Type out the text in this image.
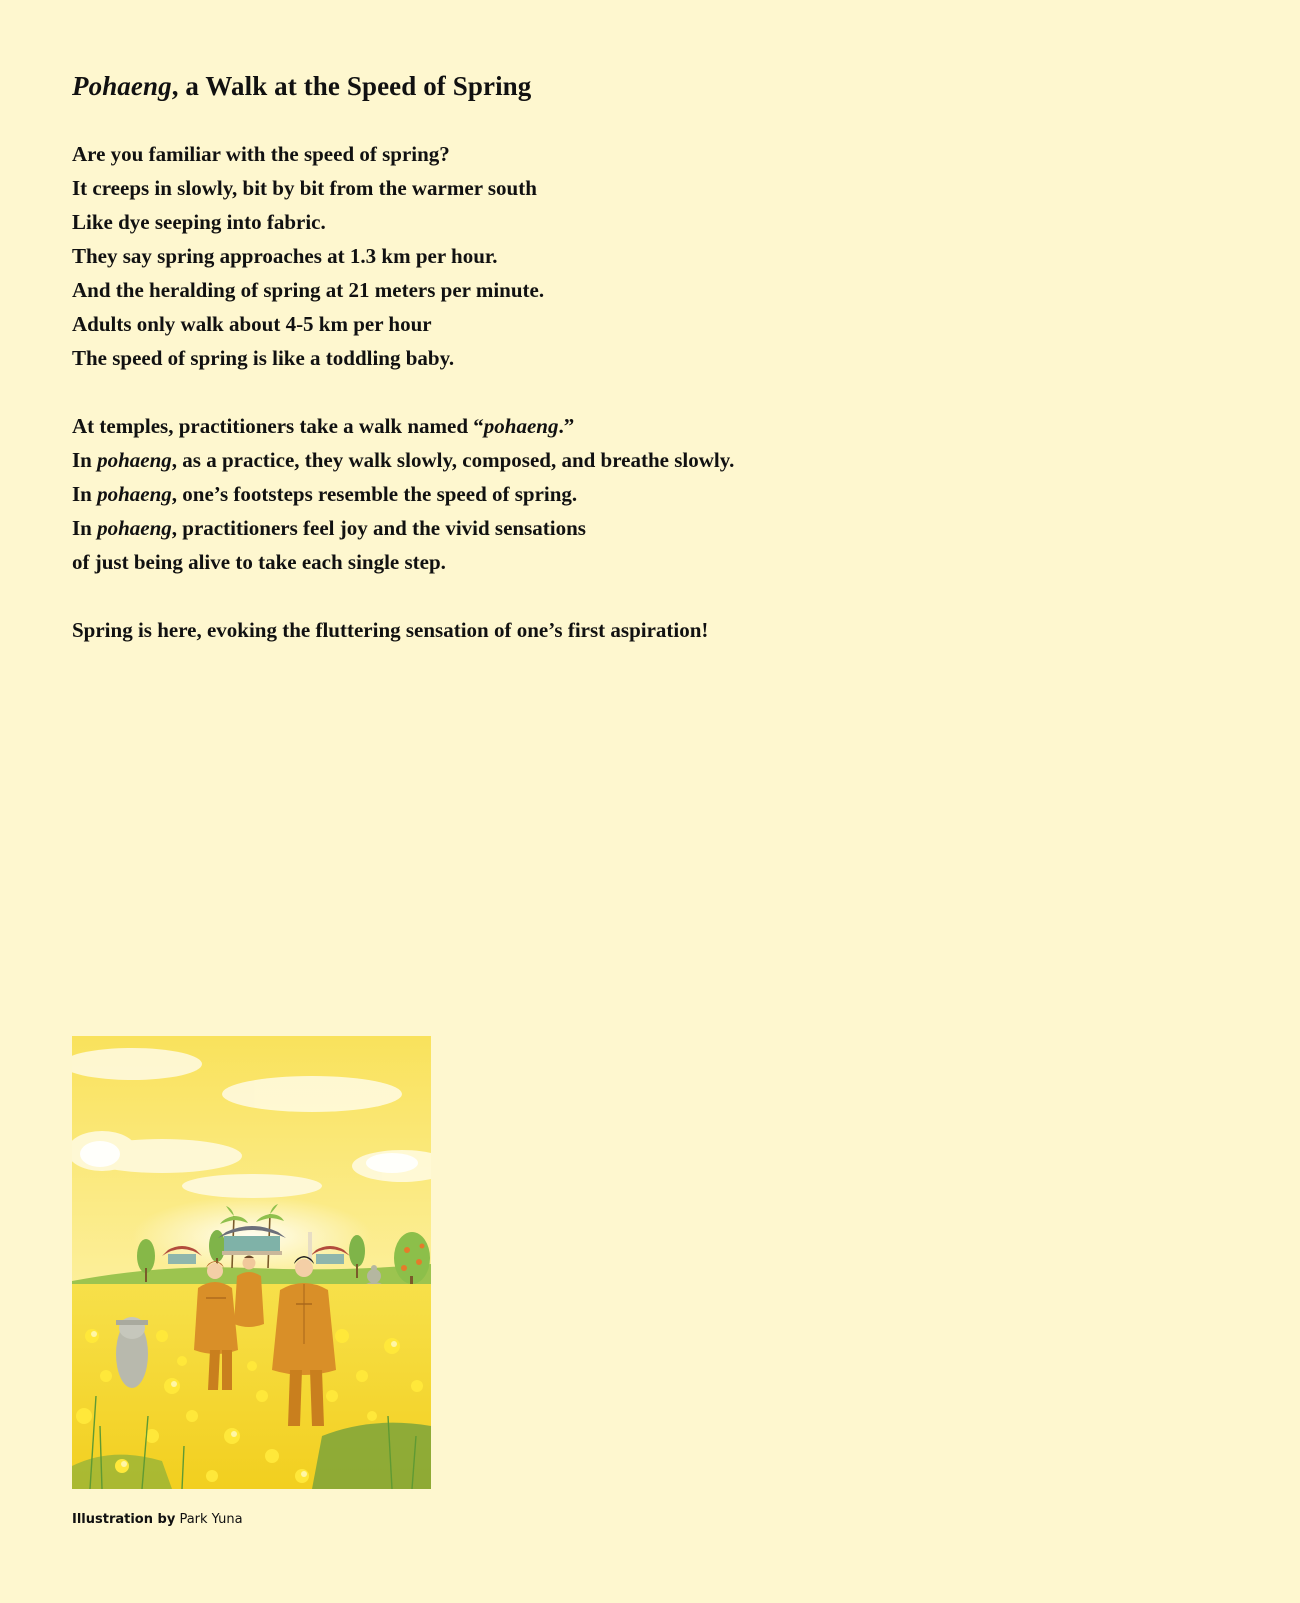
Pohaeng, a Walk at the Speed of Spring

Are you familiar with the speed of spring?
It creeps in slowly, bit by bit from the warmer south
Like dye seeping into fabric.
They say spring approaches at 1.3 km per hour.
And the heralding of spring at 21 meters per minute.
Adults only walk about 4-5 km per hour
The speed of spring is like a toddling baby.

At temples, practitioners take a walk named “pohaeng.”
In pohaeng, as a practice, they walk slowly, composed, and breathe slowly.
In pohaeng, one’s footsteps resemble the speed of spring.
In pohaeng, practitioners feel joy and the vivid sensations
of just being alive to take each single step.

Spring is here, evoking the fluttering sensation of one’s first aspiration!

Illustration by Park Yuna
